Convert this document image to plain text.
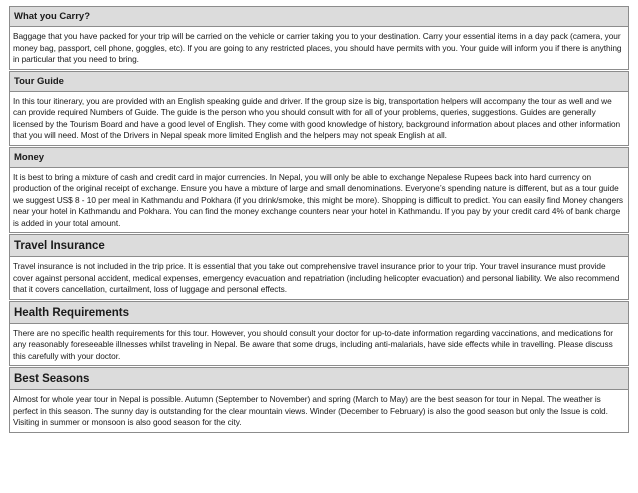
What you Carry?
Baggage that you have packed for your trip will be carried on the vehicle or carrier taking you to your destination. Carry your essential items in a day pack (camera, your money bag, passport, cell phone, goggles, etc). If you are going to any restricted places, you should have permits with you. Your guide will inform you if there is anything in particular that you need to bring.
Tour Guide
In this tour itinerary, you are provided with an English speaking guide and driver. If the group size is big, transportation helpers will accompany the tour as well and we can provide required Numbers of Guide. The guide is the person who you should consult with for all of your problems, queries, suggestions. Guides are generally licensed by the Tourism Board and have a good level of English. They come with good knowledge of history, background information about places and other information that you will need. Most of the Drivers in Nepal speak more limited English and the helpers may not speak English at all.
Money
It is best to bring a mixture of cash and credit card in major currencies. In Nepal, you will only be able to exchange Nepalese Rupees back into hard currency on production of the original receipt of exchange. Ensure you have a mixture of large and small denominations. Everyone’s spending nature is different, but as a tour guide we suggest US$ 8 - 10 per meal in Kathmandu and Pokhara (if you drink/smoke, this might be more). Shopping is difficult to predict. You can easily find Money changers near your hotel in Kathmandu and Pokhara. You can find the money exchange counters near your hotel in Kathmandu. If you pay by your credit card 4% of bank charge is added in your total amount.
Travel Insurance
Travel insurance is not included in the trip price. It is essential that you take out comprehensive travel insurance prior to your trip. Your travel insurance must provide cover against personal accident, medical expenses, emergency evacuation and repatriation (including helicopter evacuation) and personal liability. We also recommend that it covers cancellation, curtailment, loss of luggage and personal effects.
Health Requirements
There are no specific health requirements for this tour. However, you should consult your doctor for up-to-date information regarding vaccinations, and medications for any reasonably foreseeable illnesses whilst traveling in Nepal. Be aware that some drugs, including anti-malarials, have side effects while in travelling. Please discuss this carefully with your doctor.
Best Seasons
Almost for whole year tour in Nepal is possible. Autumn (September to November) and spring (March to May) are the best season for tour in Nepal. The weather is perfect in this season. The sunny day is outstanding for the clear mountain views. Winder (December to February) is also the good season but only the Issue is cold. Visiting in summer or monsoon is also good season for the city.
